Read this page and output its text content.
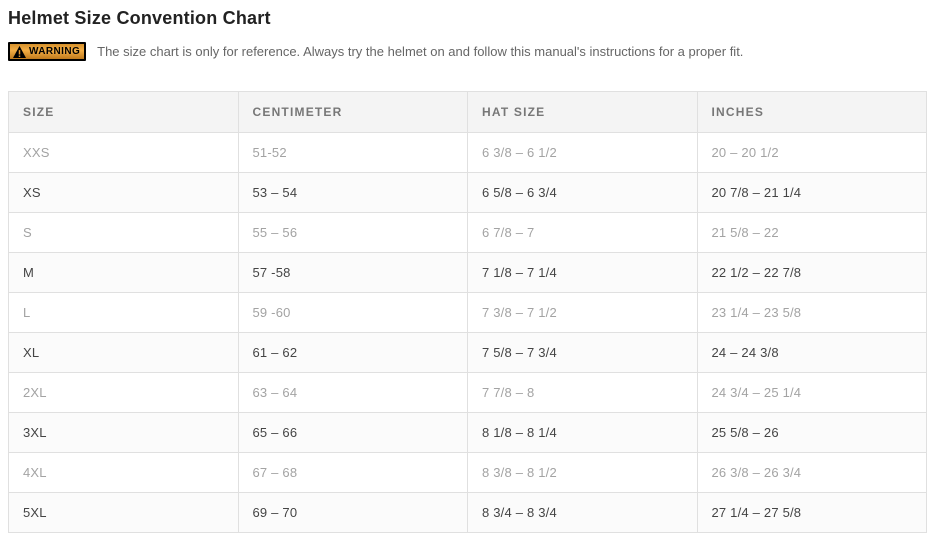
Helmet Size Convention Chart
WARNING The size chart is only for reference. Always try the helmet on and follow this manual's instructions for a proper fit.
SIZE	CENTIMETER	HAT SIZE	INCHES
XXS	51-52	6 3/8 – 6 1/2	20 – 20 1/2
XS	53 – 54	6 5/8 – 6 3/4	20 7/8 – 21 1/4
S	55 – 56	6 7/8 – 7	21 5/8 – 22
M	57 -58	7 1/8 – 7 1/4	22 1/2 – 22 7/8
L	59 -60	7 3/8 – 7 1/2	23 1/4 – 23 5/8
XL	61 – 62	7 5/8 – 7 3/4	24 – 24 3/8
2XL	63 – 64	7 7/8 – 8	24 3/4 – 25 1/4
3XL	65 – 66	8 1/8 – 8 1/4	25 5/8 – 26
4XL	67 – 68	8 3/8 – 8 1/2	26 3/8 – 26 3/4
5XL	69 – 70	8 3/4 – 8 3/4	27 1/4 – 27 5/8
